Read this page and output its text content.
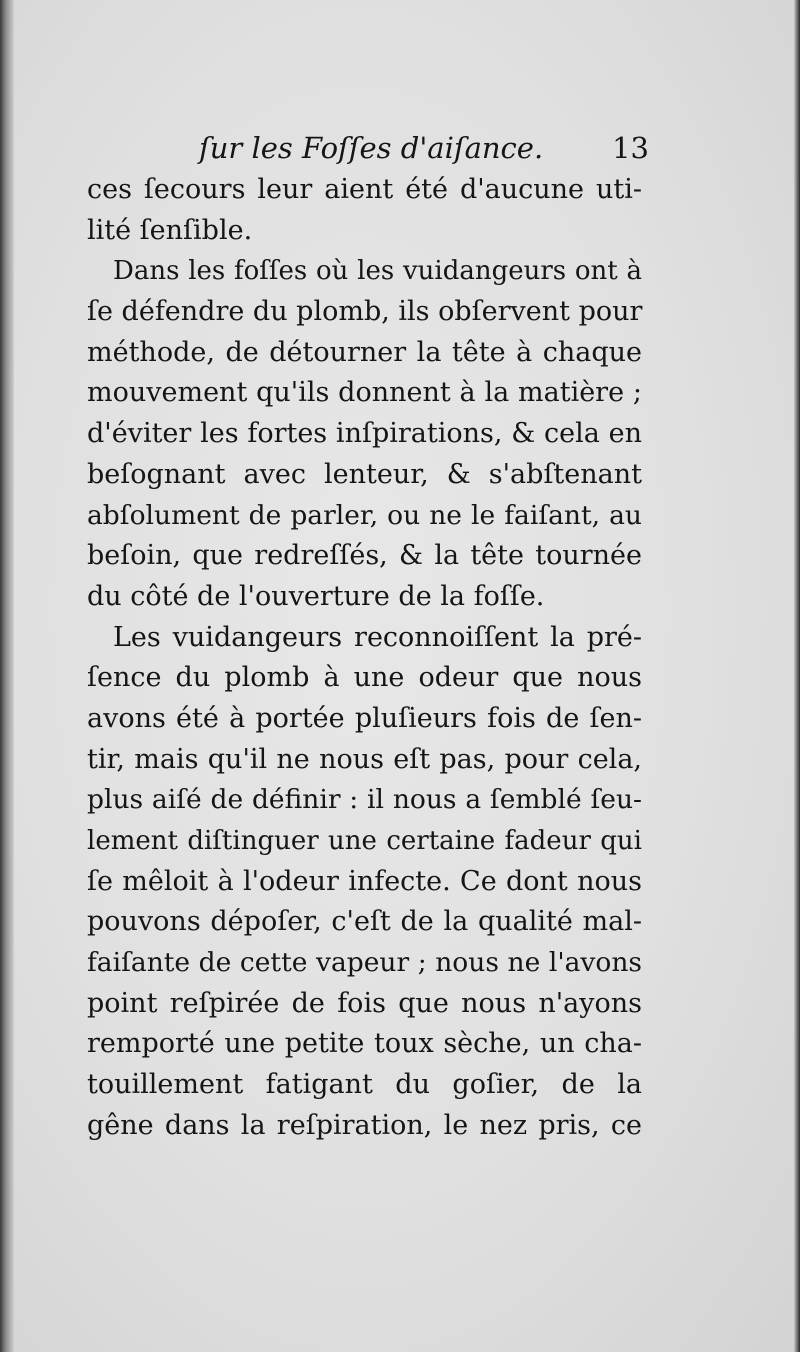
ſur les Foſſes d'aiſance. 13
ces ſecours leur aient été d'aucune uti-
lité ſenſible.
Dans les foſſes où les vuidangeurs ont à
ſe défendre du plomb, ils obſervent pour
méthode, de détourner la tête à chaque
mouvement qu'ils donnent à la matière ;
d'éviter les fortes inſpirations, & cela en
beſognant avec lenteur, & s'abſtenant
abſolument de parler, ou ne le faiſant, au
beſoin, que redreſſés, & la tête tournée
du côté de l'ouverture de la foſſe.
Les vuidangeurs reconnoiſſent la pré-
ſence du plomb à une odeur que nous
avons été à portée pluſieurs fois de ſen-
tir, mais qu'il ne nous eſt pas, pour cela,
plus aiſé de définir : il nous a ſemblé ſeu-
lement diſtinguer une certaine fadeur qui
ſe mêloit à l'odeur infecte. Ce dont nous
pouvons dépoſer, c'eſt de la qualité mal-
faiſante de cette vapeur ; nous ne l'avons
point reſpirée de fois que nous n'ayons
remporté une petite toux sèche, un cha-
touillement fatigant du goſier, de la
gêne dans la reſpiration, le nez pris, ce
